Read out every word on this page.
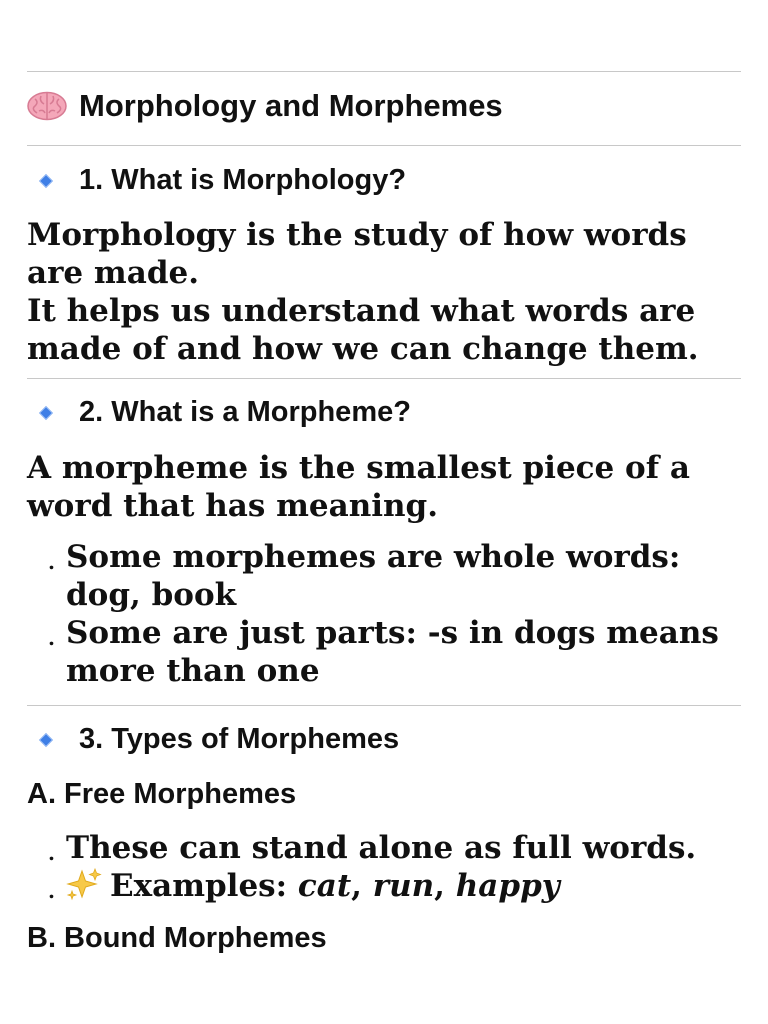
Morphology and Morphemes
1. What is Morphology?

Morphology is the study of how words are made.

It helps us understand what words are made of and how we can change them.

2. What is a Morpheme?

A morpheme is the smallest piece of a word that has meaning.

. Some morphemes are whole words: dog, book
. Some are just parts: -s in dogs means more than one
3. Types of Morphemes
A. Free Morphemes
. These can stand alone as full words.
. Examples: cat, run, happy
B. Bound Morphemes
